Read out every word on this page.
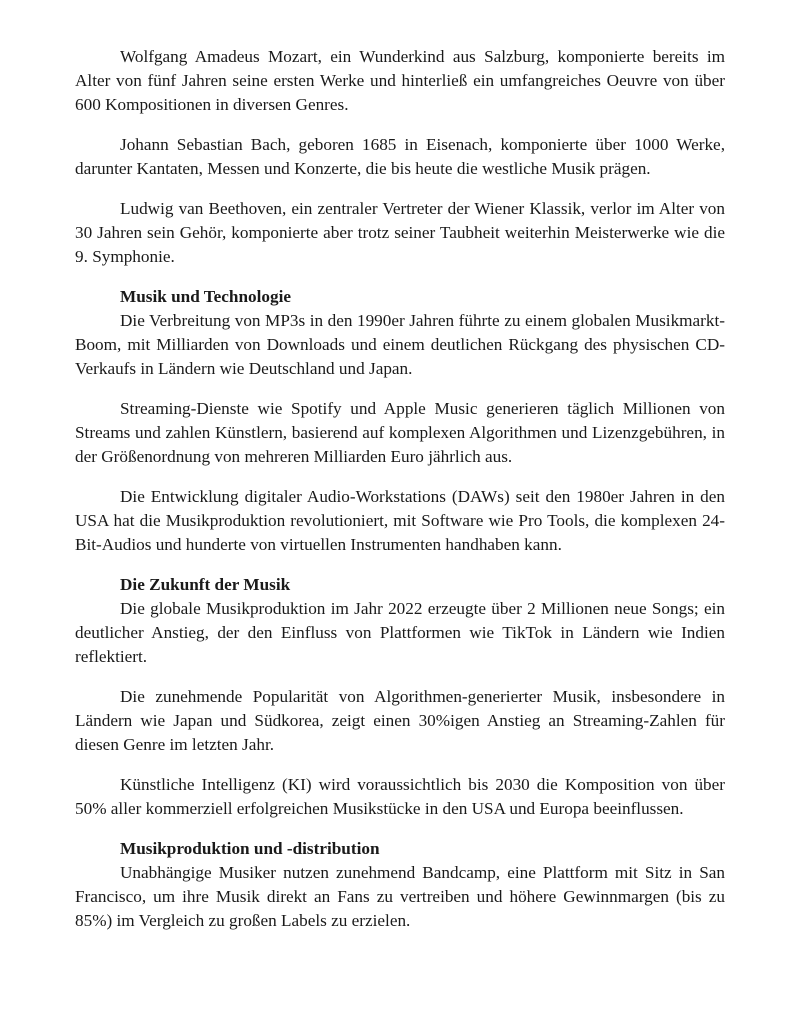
Wolfgang Amadeus Mozart, ein Wunderkind aus Salzburg, komponierte bereits im Alter von fünf Jahren seine ersten Werke und hinterließ ein umfangreiches Oeuvre von über 600 Kompositionen in diversen Genres.

Johann Sebastian Bach, geboren 1685 in Eisenach, komponierte über 1000 Werke, darunter Kantaten, Messen und Konzerte, die bis heute die westliche Musik prägen.

Ludwig van Beethoven, ein zentraler Vertreter der Wiener Klassik, verlor im Alter von 30 Jahren sein Gehör, komponierte aber trotz seiner Taubheit weiterhin Meisterwerke wie die 9. Symphonie.

Musik und Technologie

Die Verbreitung von MP3s in den 1990er Jahren führte zu einem globalen Musikmarkt-Boom, mit Milliarden von Downloads und einem deutlichen Rückgang des physischen CD-Verkaufs in Ländern wie Deutschland und Japan.

Streaming-Dienste wie Spotify und Apple Music generieren täglich Millionen von Streams und zahlen Künstlern, basierend auf komplexen Algorithmen und Lizenzgebühren, in der Größenordnung von mehreren Milliarden Euro jährlich aus.

Die Entwicklung digitaler Audio-Workstations (DAWs) seit den 1980er Jahren in den USA hat die Musikproduktion revolutioniert, mit Software wie Pro Tools, die komplexen 24-Bit-Audios und hunderte von virtuellen Instrumenten handhaben kann.

Die Zukunft der Musik

Die globale Musikproduktion im Jahr 2022 erzeugte über 2 Millionen neue Songs; ein deutlicher Anstieg, der den Einfluss von Plattformen wie TikTok in Ländern wie Indien reflektiert.

Die zunehmende Popularität von Algorithmen-generierter Musik, insbesondere in Ländern wie Japan und Südkorea, zeigt einen 30%igen Anstieg an Streaming-Zahlen für diesen Genre im letzten Jahr.

Künstliche Intelligenz (KI) wird voraussichtlich bis 2030 die Komposition von über 50% aller kommerziell erfolgreichen Musikstücke in den USA und Europa beeinflussen.

Musikproduktion und -distribution

Unabhängige Musiker nutzen zunehmend Bandcamp, eine Plattform mit Sitz in San Francisco, um ihre Musik direkt an Fans zu vertreiben und höhere Gewinnmargen (bis zu 85%) im Vergleich zu großen Labels zu erzielen.
